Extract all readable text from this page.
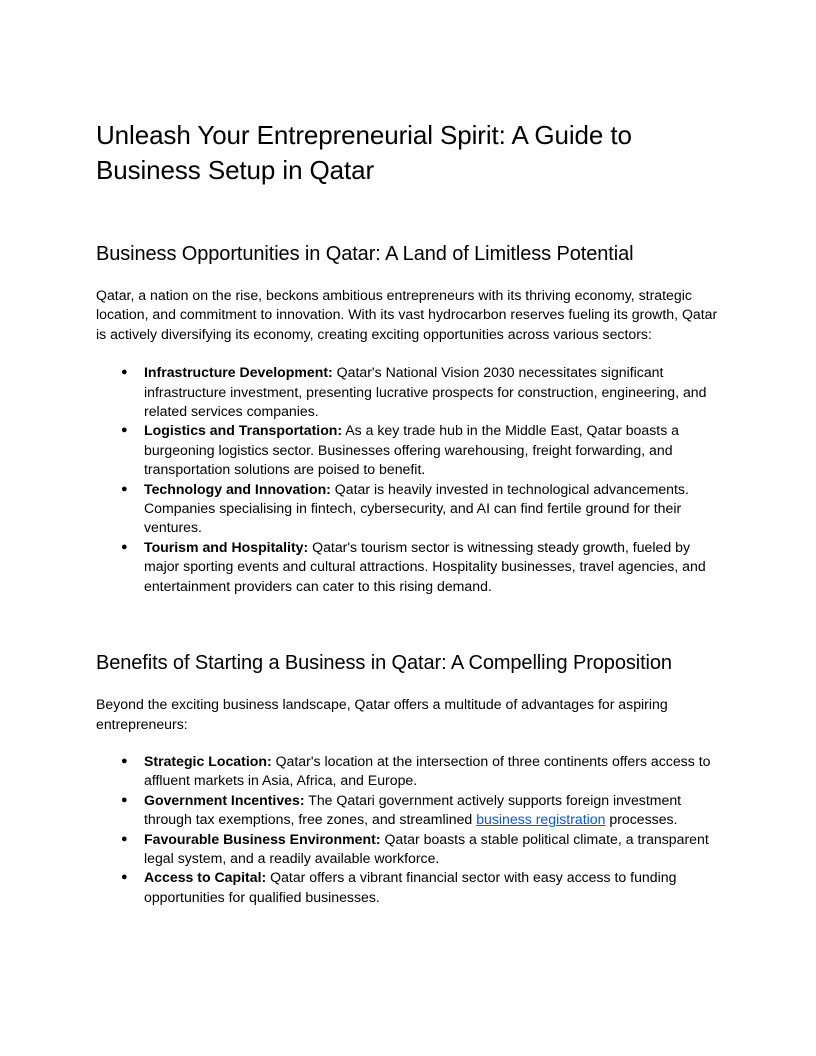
Unleash Your Entrepreneurial Spirit: A Guide to Business Setup in Qatar
Business Opportunities in Qatar: A Land of Limitless Potential

Qatar, a nation on the rise, beckons ambitious entrepreneurs with its thriving economy, strategic location, and commitment to innovation. With its vast hydrocarbon reserves fueling its growth, Qatar is actively diversifying its economy, creating exciting opportunities across various sectors:

● Infrastructure Development: Qatar's National Vision 2030 necessitates significant infrastructure investment, presenting lucrative prospects for construction, engineering, and related services companies.
● Logistics and Transportation: As a key trade hub in the Middle East, Qatar boasts a burgeoning logistics sector. Businesses offering warehousing, freight forwarding, and transportation solutions are poised to benefit.
● Technology and Innovation: Qatar is heavily invested in technological advancements. Companies specialising in fintech, cybersecurity, and AI can find fertile ground for their ventures.
● Tourism and Hospitality: Qatar's tourism sector is witnessing steady growth, fueled by major sporting events and cultural attractions. Hospitality businesses, travel agencies, and entertainment providers can cater to this rising demand.
Benefits of Starting a Business in Qatar: A Compelling Proposition

Beyond the exciting business landscape, Qatar offers a multitude of advantages for aspiring entrepreneurs:

● Strategic Location: Qatar's location at the intersection of three continents offers access to affluent markets in Asia, Africa, and Europe.
● Government Incentives: The Qatari government actively supports foreign investment through tax exemptions, free zones, and streamlined business registration processes.
● Favourable Business Environment: Qatar boasts a stable political climate, a transparent legal system, and a readily available workforce.
● Access to Capital: Qatar offers a vibrant financial sector with easy access to funding opportunities for qualified businesses.
